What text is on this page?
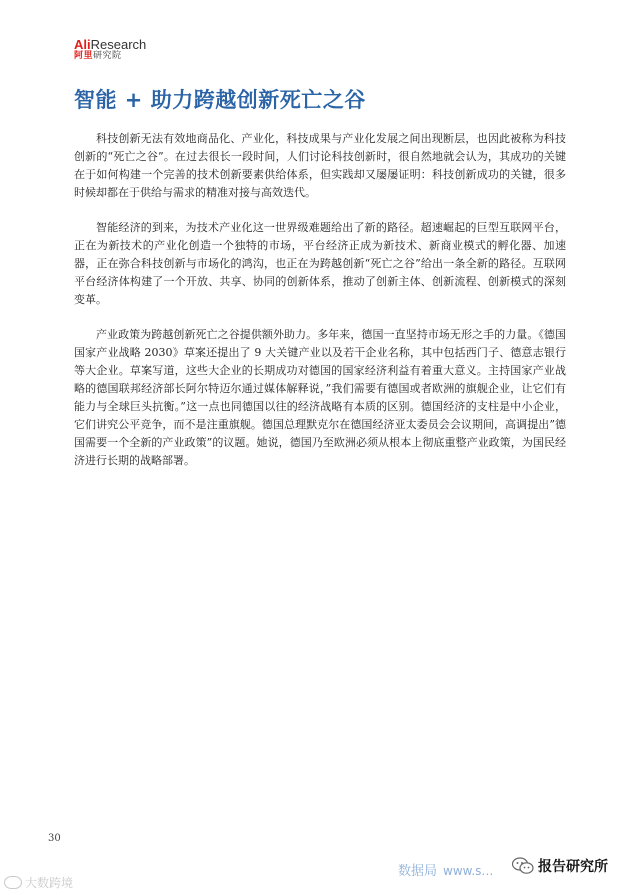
Ali Research
阿里研究院
智能 + 助力跨越创新死亡之谷

科技创新无法有效地商品化、产业化，科技成果与产业化发展之间出现断层，也因此被称为科技创新的“死亡之谷”。在过去很长一段时间，人们讨论科技创新时，很自然地就会认为，其成功的关键在于如何构建一个完善的技术创新要素供给体系，但实践却又屡屡证明：科技创新成功的关键，很多时候却都在于供给与需求的精准对接与高效迭代。

智能经济的到来，为技术产业化这一世界级难题给出了新的路径。超速崛起的巨型互联网平台，正在为新技术的产业化创造一个独特的市场，平台经济正成为新技术、新商业模式的孵化器、加速器，正在弥合科技创新与市场化的鸿沟，也正在为跨越创新“死亡之谷”给出一条全新的路径。互联网平台经济体构建了一个开放、共享、协同的创新体系，推动了创新主体、创新流程、创新模式的深刻变革。

产业政策为跨越创新死亡之谷提供额外助力。多年来，德国一直坚持市场无形之手的力量。《德国国家产业战略 2030》草案还提出了 9 大关键产业以及若干企业名称，其中包括西门子、德意志银行等大企业。草案写道，这些大企业的长期成功对德国的国家经济利益有着重大意义。主持国家产业战略的德国联邦经济部长阿尔特迈尔通过媒体解释说，”我们需要有德国或者欧洲的旗舰企业，让它们有能力与全球巨头抗衡。”这一点也同德国以往的经济战略有本质的区别。德国经济的支柱是中小企业，它们讲究公平竞争，而不是注重旗舰。德国总理默克尔在德国经济亚太委员会会议期间，高调提出”德国需要一个全新的产业政策”的议题。她说，德国乃至欧洲必须从根本上彻底重整产业政策，为国民经济进行长期的战略部署。

30
大数跨境
数据局 www.s…	报告研究所
